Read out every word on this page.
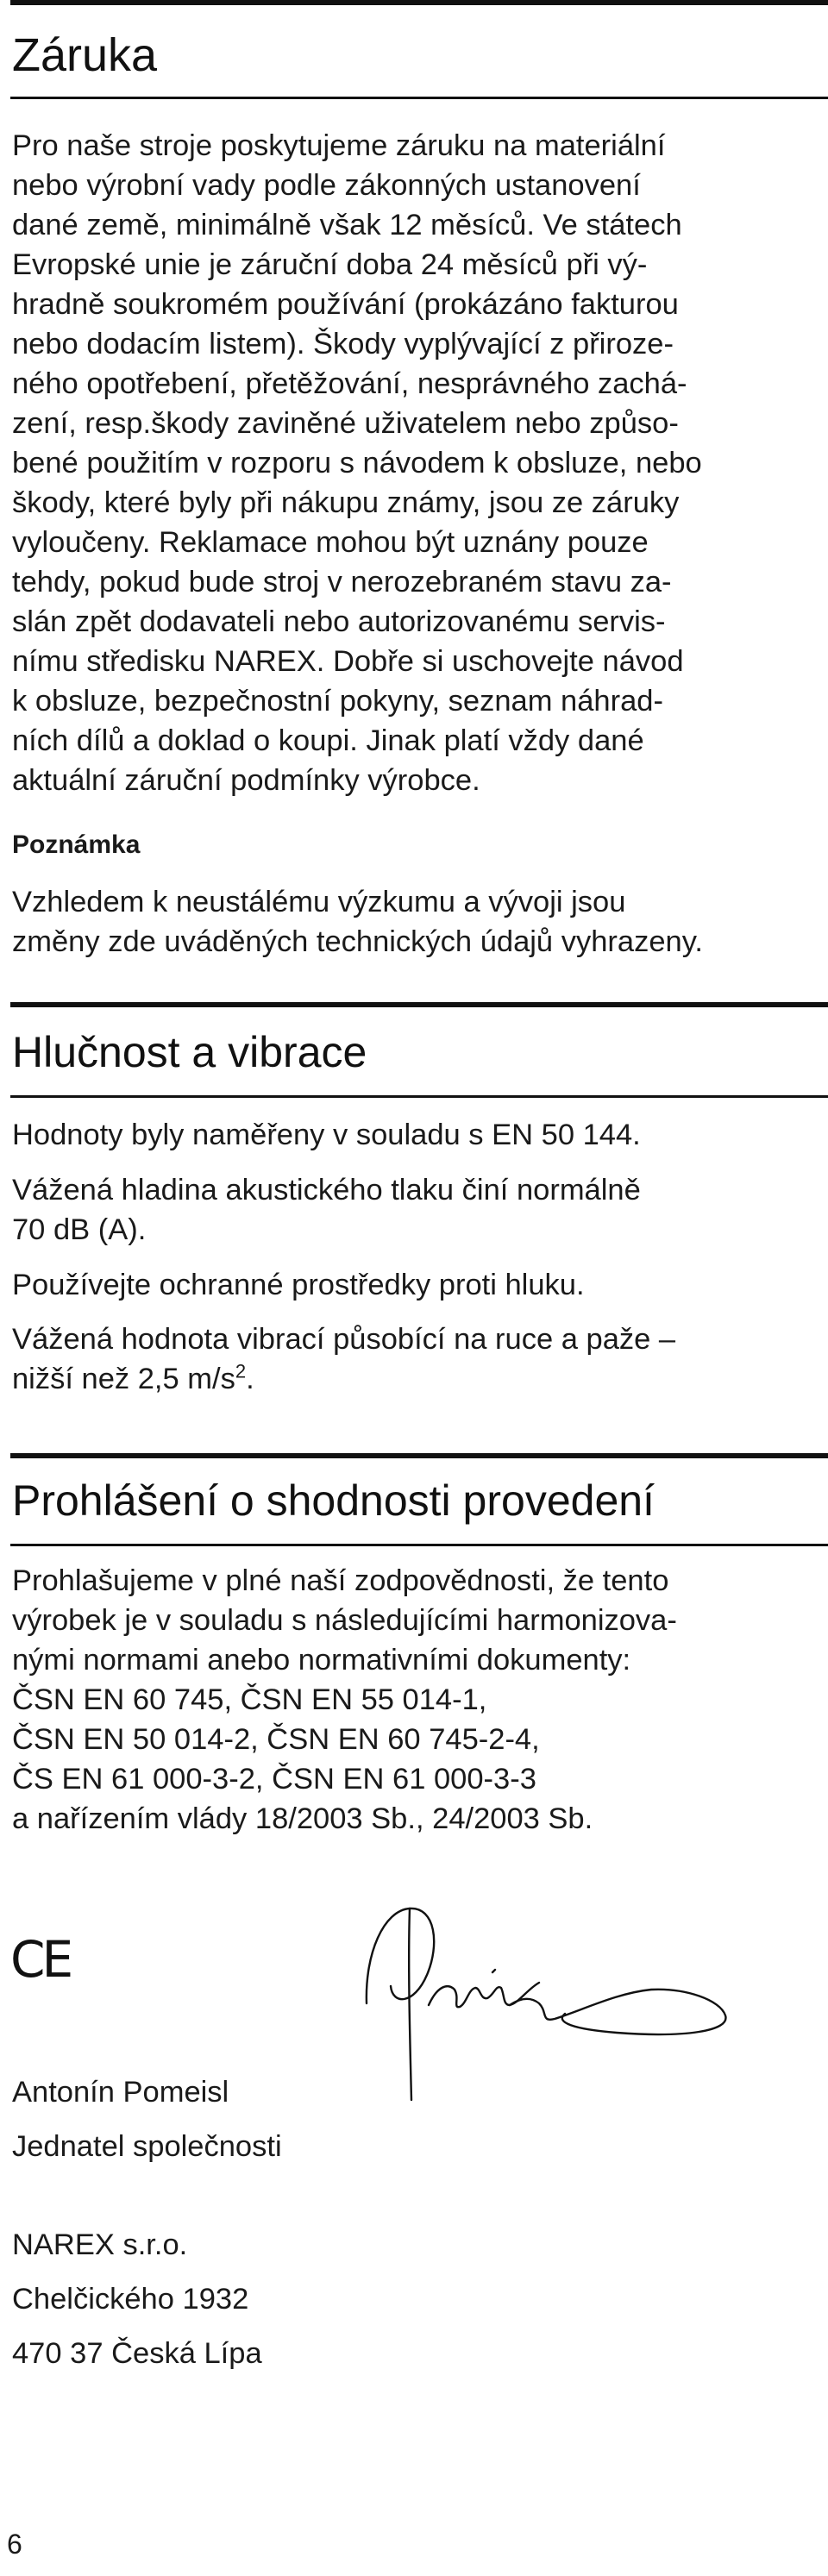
Záruka

Pro naše stroje poskytujeme záruku na materiální
nebo výrobní vady podle zákonných ustanovení
dané země, minimálně však 12 měsíců. Ve státech
Evropské unie je záruční doba 24 měsíců při vý-
hradně soukromém používání (prokázáno fakturou
nebo dodacím listem). Škody vyplývající z přiroze-
ného opotřebení, přetěžování, nesprávného zachá-
zení, resp.škody zaviněné uživatelem nebo způso-
bené použitím v rozporu s návodem k obsluze, nebo
škody, které byly při nákupu známy, jsou ze záruky
vyloučeny. Reklamace mohou být uznány pouze
tehdy, pokud bude stroj v nerozebraném stavu za-
slán zpět dodavateli nebo autorizovanému servis-
nímu středisku NAREX. Dobře si uschovejte návod
k obsluze, bezpečnostní pokyny, seznam náhrad-
ních dílů a doklad o koupi. Jinak platí vždy dané
aktuální záruční podmínky výrobce.

Poznámka

Vzhledem k neustálému výzkumu a vývoji jsou
změny zde uváděných technických údajů vyhrazeny.

Hlučnost a vibrace

Hodnoty byly naměřeny v souladu s EN 50 144.

Vážená hladina akustického tlaku činí normálně
70 dB (A).

Používejte ochranné prostředky proti hluku.

Vážená hodnota vibrací působící na ruce a paže –

nižší než 2,5 $m/s^2$.

Prohlášení o shodnosti provedení

Prohlašujeme v plné naší zodpovědnosti, že tento
výrobek je v souladu s následujícími harmonizova-
nými normami anebo normativními dokumenty:
ČSN EN 60 745, ČSN EN 55 014-1,
ČSN EN 50 014-2, ČSN EN 60 745-2-4,
ČS EN 61 000-3-2, ČSN EN 61 000-3-3
a nařízením vlády 18/2003 Sb., 24/2003 Sb.

CE

Antonín Pomeisl

Jednatel společnosti

NAREX s.r.o.

Chelčického 1932

470 37 Česká Lípa

6
